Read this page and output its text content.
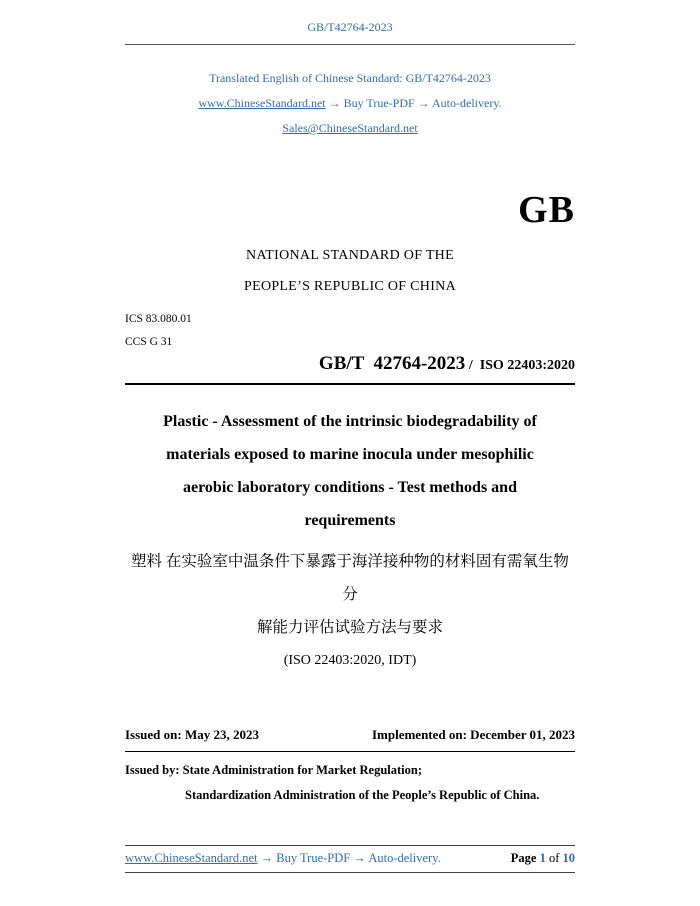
GB/T42764-2023
Translated English of Chinese Standard: GB/T42764-2023
www.ChineseStandard.net → Buy True-PDF → Auto-delivery.
Sales@ChineseStandard.net
GB
NATIONAL STANDARD OF THE
PEOPLE’S REPUBLIC OF CHINA
ICS 83.080.01
CCS G 31
GB/T  42764-2023 /  ISO 22403:2020
Plastic - Assessment of the intrinsic biodegradability of
materials exposed to marine inocula under mesophilic
aerobic laboratory conditions - Test methods and
requirements
塑料 在实验室中温条件下暴露于海洋接种物的材料固有需氧生物分
解能力评估试验方法与要求
(ISO 22403:2020, IDT)
Issued on: May 23, 2023	Implemented on: December 01, 2023
Issued by: State Administration for Market Regulation;
Standardization Administration of the People’s Republic of China.
www.ChineseStandard.net → Buy True-PDF → Auto-delivery.	Page 1 of 10
